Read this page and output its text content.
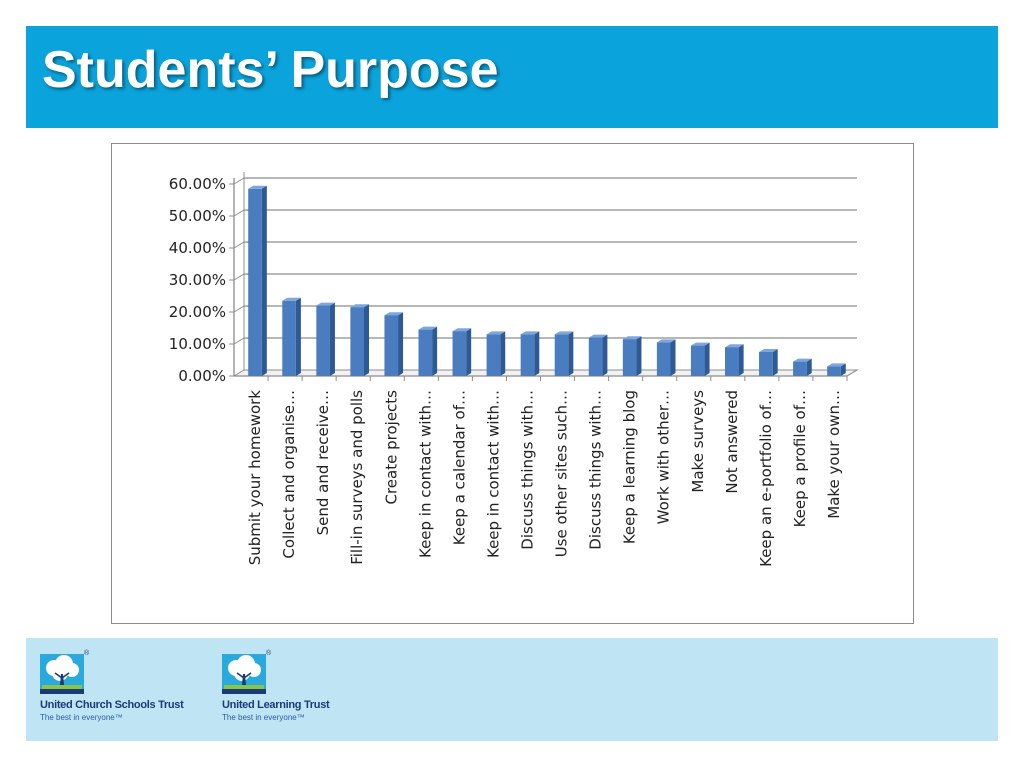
Students’ Purpose
0.00%
10.00%
20.00%
30.00%
40.00%
50.00%
60.00%
Submit your homework Collect and organise… Send and receive… Fill-in surveys and polls Create projects Keep in contact with… Keep a calendar of… Keep in contact with… Discuss things with… Use other sites such… Discuss things with… Keep a learning blog Work with other… Make surveys Not answered Keep an e-portfolio of… Keep a profile of… Make your own…
®
United Church Schools Trust
The best in everyone™
®
United Learning Trust
The best in everyone™
